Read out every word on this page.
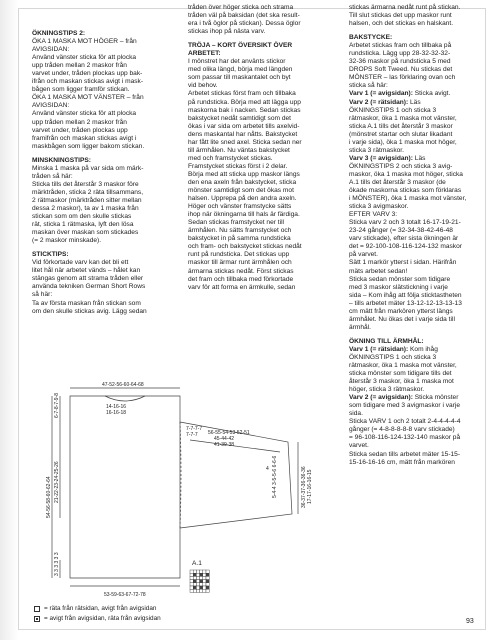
ÖKNINGSTIPS 2:
ÖKA 1 MASKA MOT HÖGER – från
AVIGSIDAN:
Använd vänster sticka för att plocka
upp tråden mellan 2 maskor från
varvet under, tråden plockas upp bak-
ifrån och maskan stickas avigt i mask-
bågen som ligger framför stickan.
ÖKA 1 MASKA MOT VÄNSTER – från
AVIGSIDAN:
Använd vänster sticka för att plocka
upp tråden mellan 2 maskor från
varvet under, tråden plockas upp
framifrån och maskan stickas avigt i
maskbågen som ligger bakom stickan.
MINSKNINGSTIPS:
Minska 1 maska på var sida om märk-
tråden så här:
Sticka tills det återstår 3 maskor före
märktråden, sticka 2 räta tillsammans,
2 rätmaskor (märktråden sitter mellan
dessa 2 maskor), ta av 1 maska från
stickan som om den skulle stickas
rät, sticka 1 rätmaska, lyft den lösa
maskan över maskan som stickades
(= 2 maskor minskade).
STICKTIPS:
Vid förkortade varv kan det bli ett
litet hål när arbetet vänds – hålet kan
stängas genom att strama tråden eller
använda tekniken German Short Rows
så här:
Ta av första maskan från stickan som
om den skulle stickas avig. Lägg sedan
tråden över höger sticka och strama
tråden väl på baksidan (det ska result-
era i två öglor på stickan). Dessa öglor
stickas ihop på nästa varv.
TRÖJA – KORT ÖVERSIKT ÖVER
ARBETET:
I mönstret har det använts stickor
med olika längd, börja med längden
som passar till maskantalet och byt
vid behov.
Arbetet stickas först fram och tillbaka
på rundsticka. Börja med att lägga upp
maskorna bak i nacken. Sedan stickas
bakstycket nedåt samtidigt som det
ökas i var sida om arbetet tills axelvid-
dens maskantal har nåtts. Bakstycket
har fått lite sned axel. Sticka sedan ner
till ärmhålen. Nu väntas bakstycket
med och framstycket stickas.
Framstycket stickas först i 2 delar.
Börja med att sticka upp maskor längs
den ena axeln från bakstycket, sticka
mönster samtidigt som det ökas mot
halsen. Upprepa på den andra axeln.
Höger och vänster framstycke sätts
ihop när ökningarna till hals är färdiga.
Sedan stickas framstycket ner till
ärmhålen. Nu sätts framstycket och
bakstycket in på samma rundsticka
och fram- och bakstycket stickas nedåt
runt på rundsticka. Det stickas upp
maskor till ärmar runt ärmhålen och
ärmarna stickas nedåt. Först stickas
det fram och tillbaka med förkortade
varv för att forma en ärmkulle, sedan
stickas ärmarna nedåt runt på stickan.
Till slut stickas det upp maskor runt
halsen, och det stickas en halskant.
BAKSTYCKE:
Arbetet stickas fram och tillbaka på
rundsticka. Lägg upp 28-32-32-32-
32-36 maskor på rundsticka 5 med
DROPS Soft Tweed. Nu stickas det
MÖNSTER – las förklaring ovan och
sticka så här:
Varv 1 (= avigsidan): Sticka avigt.
Varv 2 (= rätsidan): Läs
ÖKNINGSTIPS 1 och sticka 3
rätmaskor, öka 1 maska mot vänster,
sticka A.1 tills det återstår 3 maskor
(mönstret startar och slutar likadant
i varje sida), öka 1 maska mot höger,
sticka 3 rätmaskor.
Varv 3 (= avigsidan): Läs
ÖKNINGSTIPS 2 och sticka 3 avig-
maskor, öka 1 maska mot höger, sticka
A.1 tills det återstår 3 maskor (de
ökade maskorna stickas som förklaras
i MÖNSTER), öka 1 maska mot vänster,
sticka 3 avigmaskor.
EFTER VARV 3:
Sticka varv 2 och 3 totalt 16-17-19-21-
23-24 gånger (= 32-34-38-42-46-48
varv stickade), efter sista ökningen är
det = 92-100-108-116-124-132 maskor
på varvet.
Sätt 1 markör ytterst i sidan. Härifrån
mäts arbetet sedan!
Sticka sedan mönster som tidigare
med 3 maskor slätstickning i varje
sida – Kom ihåg att följa sticktastheten
– tills arbetet mäter 13-12-12-13-13-13
cm mätt från markören ytterst längs
ärmhålet. Nu ökas det i varje sida till
ärmhål.
ÖKNING TILL ÄRMHÅL:
Varv 1 (= rätsidan): Kom ihåg
ÖKNINGSTIPS 1 och sticka 3
rätmaskor, öka 1 maska mot vänster,
sticka mönster som tidigare tills det
återstår 3 maskor, öka 1 maska mot
höger, sticka 3 rätmaskor.
Varv 2 (= avigsidan): Sticka mönster
som tidigare med 3 avigmaskor i varje
sida.
Sticka VARV 1 och 2 totalt 2-4-4-4-4-4
gånger (= 4-8-8-8-8-8 varv stickade)
= 96-108-116-124-132-140 maskor på
varvet.
Sticka sedan tills arbetet mäter 15-15-
15-16-16-16 cm, mätt från markören
47-52-56-60-64-68
14-16-16
16-16-18
53-59-63-67-72-78
7-7-7-7
7-7-7 56-55-54-53-52-51
45-44-42
41-39-38
4
54-56-58-60-62-64
6-7-8-7-9-8
21-22-23-24-25-26
3 3 3 3 3 3
36-37-37-36-36-36 17-17-16-16-15
5-4-4 3-5-5-6 6-6-6
A.1
= räta från rätsidan, avigt från avigsidan
= avigt från avigsidan, räta från avigsidan	93
